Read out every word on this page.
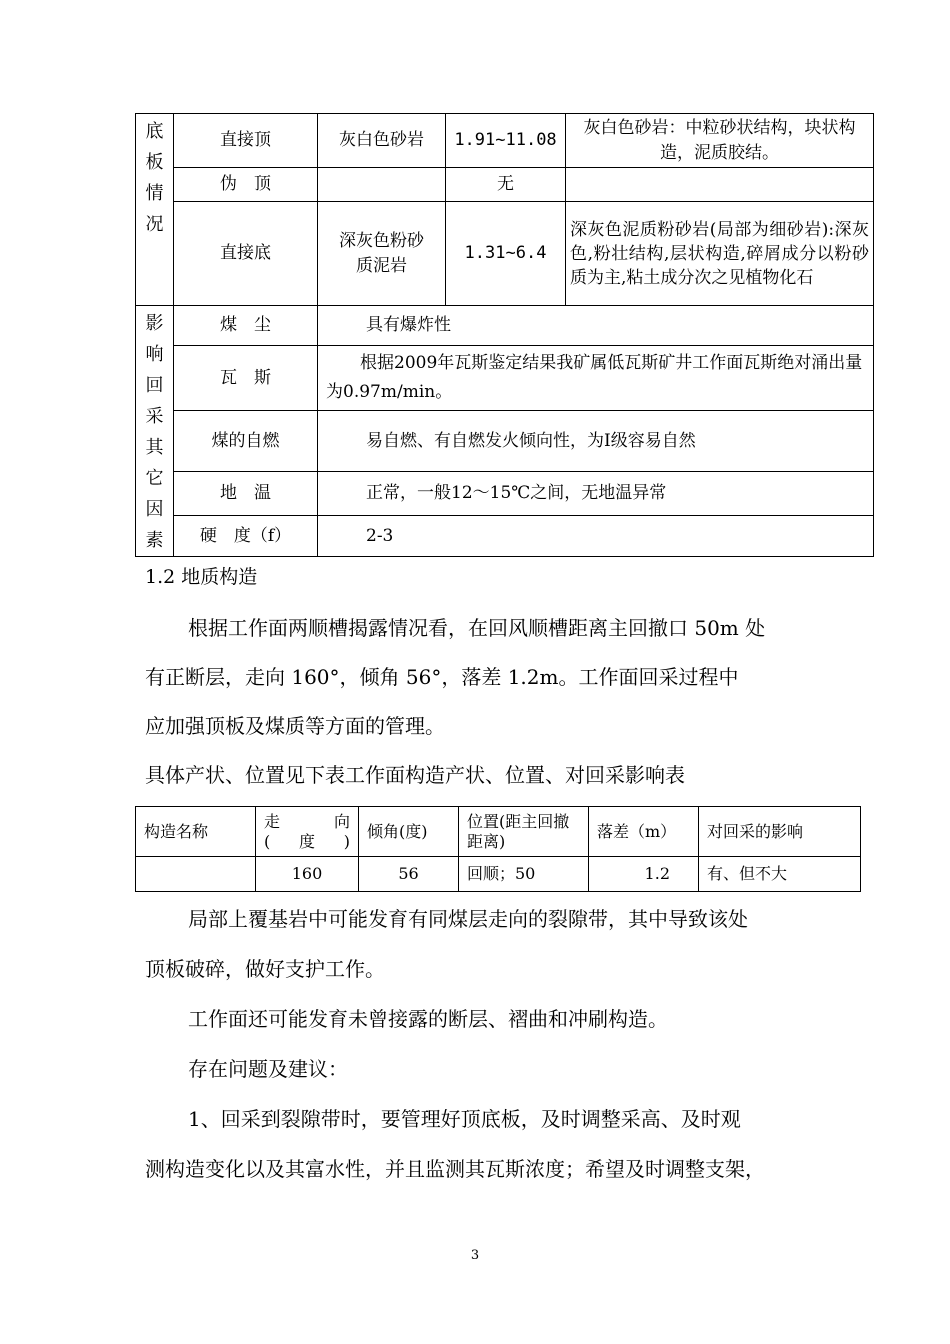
底板情况	直接顶	灰白色砂岩	1.91~11.08	灰白色砂岩：中粒砂状结构，块状构造，泥质胶结。
	伪　顶		无	
	直接底	深灰色粉砂质泥岩	1.31~6.4	深灰色泥质粉砂岩(局部为细砂岩):深灰色,粉壮结构,层状构造,碎屑成分以粉砂质为主,粘土成分次之见植物化石

影响回采其它因素	煤　尘	具有爆炸性		
	瓦　斯	根据2009年瓦斯鉴定结果我矿属低瓦斯矿井工作面瓦斯绝对涌出量为0.97m/min。		
	煤的自燃	易自燃、有自燃发火倾向性，为Ⅰ级容易自然		
	地　温	正常，一般12～15℃之间，无地温异常		
	硬　度（f）	2-3		
1.2 地质构造
根据工作面两顺槽揭露情况看，在回风顺槽距离主回撤口 50m 处
有正断层，走向 160°，倾角 56°，落差 1.2m。工作面回采过程中
应加强顶板及煤质等方面的管理。
具体产状、位置见下表工作面构造产状、位置、对回采影响表
构造名称	走　　向(度)	倾角(度)	位置(距主回撤距离)	落差（m）	对回采的影响
	160	56	回顺；50	1.2	有、但不大
局部上覆基岩中可能发育有同煤层走向的裂隙带，其中导致该处
顶板破碎，做好支护工作。
工作面还可能发育未曾接露的断层、褶曲和冲刷构造。
存在问题及建议：
1、回采到裂隙带时，要管理好顶底板，及时调整采高、及时观
测构造变化以及其富水性，并且监测其瓦斯浓度；希望及时调整支架，
3
